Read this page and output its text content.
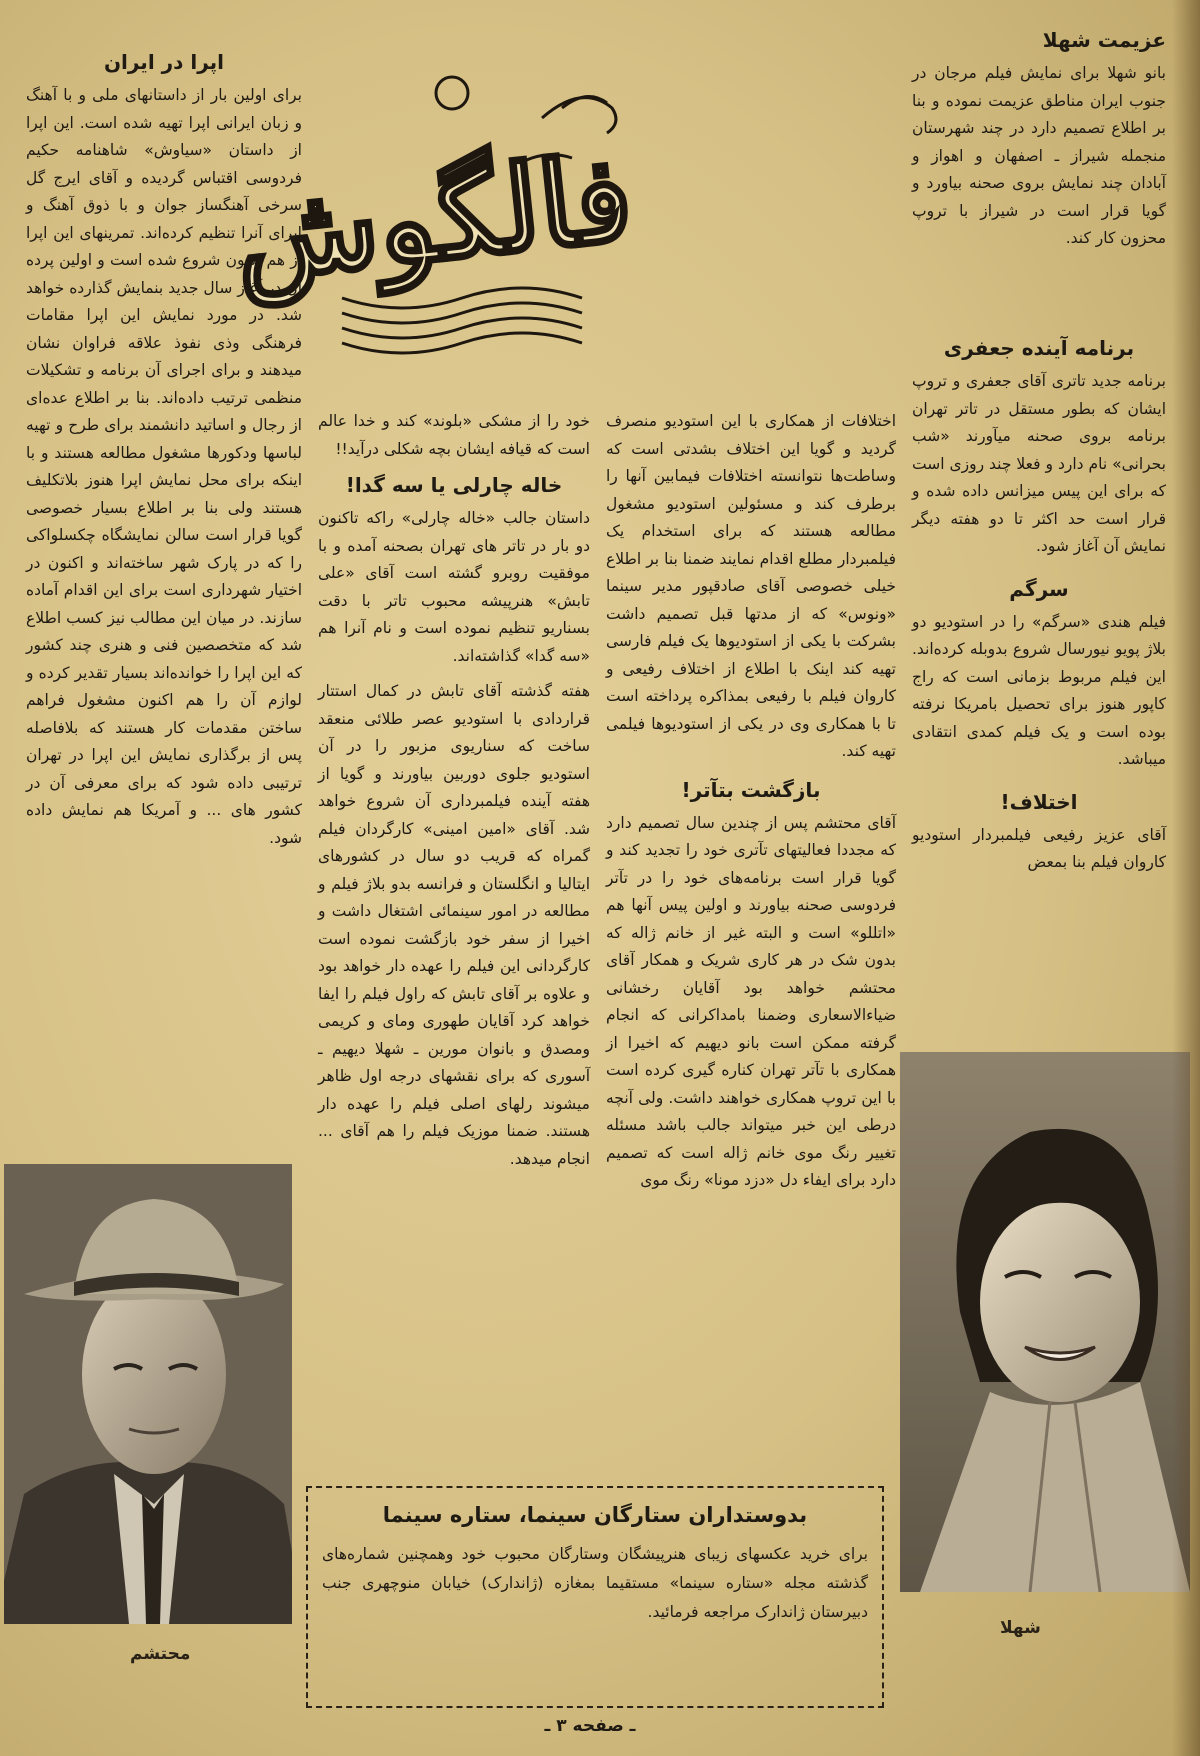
فالگوش
عزیمت شهلا

بانو شهلا برای نمایش فیلم مرجان در جنوب ایران مناطق عزیمت نموده و بنا بر اطلاع تصمیم دارد در چند شهرستان منجمله شیراز ـ اصفهان و اهواز و آبادان چند نمایش بروی صحنه بیاورد و گویا قرار است در شیراز با تروپ محزون کار کند.

برنامه آینده جعفری

برنامه جدید تاتری آقای جعفری و تروپ ایشان که بطور مستقل در تاتر تهران برنامه بروی صحنه میآورند «شب بحرانی» نام دارد و فعلا چند روزی است که برای این پیس میزانس داده شده و قرار است حد اکثر تا دو هفته دیگر نمایش آن آغاز شود.

سرگم

فیلم هندی «سرگم» را در استودیو دو بلاژ پویو نیورسال شروع بدوبله کرده‌اند. این فیلم مربوط بزمانی است که راج کاپور هنوز برای تحصیل بامریکا نرفته بوده است و یک فیلم کمدی انتقادی میباشد.

اختلاف!

آقای عزیز رفیعی فیلمبردار استودیو کاروان فیلم بنا بمعض

اختلافات از همکاری با این استودیو منصرف گردید و گویا این اختلاف بشدتی است که وساطت‌ها نتوانسته اختلافات فیمابین آنها را برطرف کند و مسئولین استودیو مشغول مطالعه هستند که برای استخدام یک فیلمبردار مطلع اقدام نمایند ضمنا بنا بر اطلاع خیلی خصوصی آقای صادقپور مدیر سینما «ونوس» که از مدتها قبل تصمیم داشت بشرکت با یکی از استودیوها یک فیلم فارسی تهیه کند اینک با اطلاع از اختلاف رفیعی و کاروان فیلم با رفیعی بمذاکره پرداخته است تا با همکاری وی در یکی از استودیوها فیلمی تهیه کند.

بازگشت بتآتر!

آقای محتشم پس از چندین سال تصمیم دارد که مجددا فعالیتهای تآتری خود را تجدید کند و گویا قرار است برنامه‌های خود را در تآتر فردوسی صحنه بیاورند و اولین پیس آنها هم «اتللو» است و البته غیر از خانم ژاله که بدون شک در هر کاری شریک و همکار آقای محتشم خواهد بود آقایان رخشانی ضیاءالاسعاری وضمنا بامداکرانی که انجام گرفته ممکن است بانو دیهیم که اخیرا از همکاری با تآتر تهران کناره گیری کرده است با این تروپ همکاری خواهند داشت. ولی آنچه درطی این خبر میتواند جالب باشد مسئله تغییر رنگ موی خانم ژاله است که تصمیم دارد برای ایفاء دل «دزد مونا» رنگ موی

خود را از مشکی «بلوند» کند و خدا عالم است که قیافه ایشان بچه شکلی درآید!!

خاله چارلی یا سه گدا!

داستان جالب «خاله چارلی» راکه تاکنون دو بار در تاتر های تهران بصحنه آمده و با موفقیت روبرو گشته است آقای «علی تابش» هنرپیشه محبوب تاتر با دقت بسناریو تنظیم نموده است و نام آنرا هم «سه گدا» گذاشته‌اند.

هفته گذشته آقای تابش در کمال استتار قراردادی با استودیو عصر طلائی منعقد ساخت که سناریوی مزبور را در آن استودیو جلوی دوربین بیاورند و گویا از هفته آینده فیلمبرداری آن شروع خواهد شد. آقای «امین امینی» کارگردان فیلم گمراه که قریب دو سال در کشورهای ایتالیا و انگلستان و فرانسه بدو بلاژ فیلم و مطالعه در امور سینمائی اشتغال داشت و اخیرا از سفر خود بازگشت نموده است کارگردانی این فیلم را عهده دار خواهد بود و علاوه بر آقای تابش که راول فیلم را ایفا خواهد کرد آقایان طهوری ومای و کریمی ومصدق و بانوان مورین ـ شهلا دیهیم ـ آسوری که برای نقشهای درجه اول ظاهر میشوند رلهای اصلی فیلم را عهده دار هستند. ضمنا موزیک فیلم را هم آقای ... انجام میدهد.

اپرا در ایران

برای اولین بار از داستانهای ملی و با آهنگ و زبان ایرانی اپرا تهیه شده است. این اپرا از داستان «سیاوش» شاهنامه حکیم فردوسی اقتباس گردیده و آقای ایرج گل سرخی آهنگساز جوان و با ذوق آهنگ و اپرای آنرا تنظیم کرده‌اند. تمرینهای این اپرا از هم اکنون شروع شده است و اولین پرده آن در آغاز سال جدید بنمایش گذارده خواهد شد. در مورد نمایش این اپرا مقامات فرهنگی وذی نفوذ علاقه فراوان نشان میدهند و برای اجرای آن برنامه و تشکیلات منظمی ترتیب داده‌اند. بنا بر اطلاع عده‌ای از رجال و اساتید دانشمند برای طرح و تهیه لباسها ودکورها مشغول مطالعه هستند و با اینکه برای محل نمایش اپرا هنوز بلاتکلیف هستند ولی بنا بر اطلاع بسیار خصوصی گویا قرار است سالن نمایشگاه چکسلواکی را که در پارک شهر ساخته‌اند و اکنون در اختیار شهرداری است برای این اقدام آماده سازند. در میان این مطالب نیز کسب اطلاع شد که متخصصین فنی و هنری چند کشور که این اپرا را خوانده‌اند بسیار تقدیر کرده و لوازم آن را هم اکنون مشغول فراهم ساختن مقدمات کار هستند که بلافاصله پس از برگذاری نمایش این اپرا در تهران ترتیبی داده شود که برای معرفی آن در کشور های ... و آمریکا هم نمایش داده شود.

محتشم
شهلا
بدوستداران ستارگان سینما، ستاره سینما
برای خرید عکسهای زیبای هنرپیشگان وستارگان محبوب خود وهمچنین شماره‌های گذشته مجله «ستاره سینما» مستقیما بمغازه (ژاندارک) خیابان منوچهری جنب دبیرستان ژاندارک مراجعه فرمائید.
ـ صفحه ۳ ـ
